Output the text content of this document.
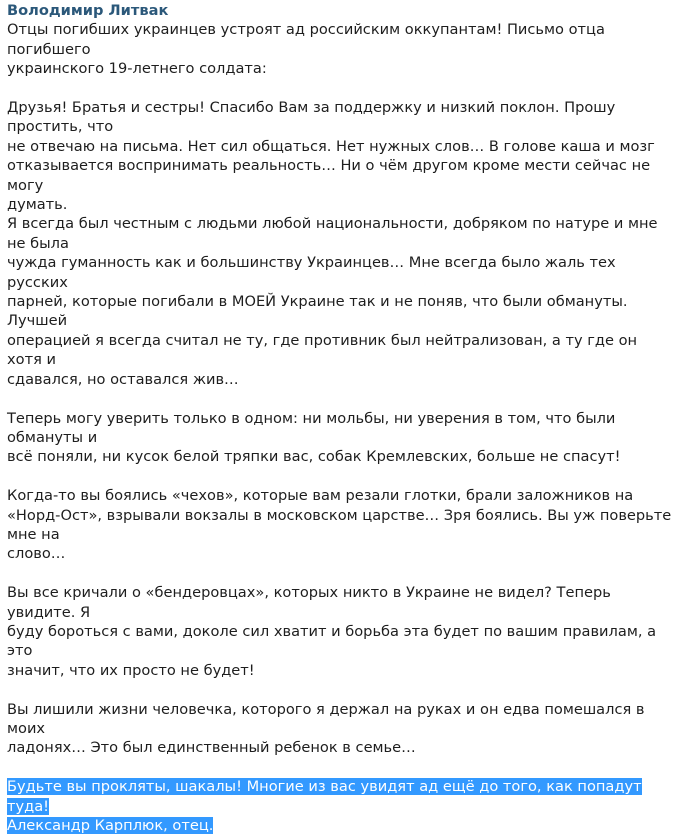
Володимир Литвак
Отцы погибших украинцев устроят ад российским оккупантам! Письмо отца погибшего
украинского 19-летнего солдата:
Друзья! Братья и сестры! Спасибо Вам за поддержку и низкий поклон. Прошу простить, что
не отвечаю на письма. Нет сил общаться. Нет нужных слов… В голове каша и мозг
отказывается воспринимать реальность… Ни о чём другом кроме мести сейчас не могу
думать.
Я всегда был честным с людьми любой национальности, добряком по натуре и мне не была
чужда гуманность как и большинству Украинцев… Мне всегда было жаль тех русских
парней, которые погибали в МОЕЙ Украине так и не поняв, что были обмануты. Лучшей
операцией я всегда считал не ту, где противник был нейтрализован, а ту где он хотя и
сдавался, но оставался жив…
Теперь могу уверить только в одном: ни мольбы, ни уверения в том, что были обмануты и
всё поняли, ни кусок белой тряпки вас, собак Кремлевских, больше не спасут!
Когда-то вы боялись «чехов», которые вам резали глотки, брали заложников на
«Норд-Ост», взрывали вокзалы в московском царстве… Зря боялись. Вы уж поверьте мне на
слово…
Вы все кричали о «бендеровцах», которых никто в Украине не видел? Теперь увидите. Я
буду бороться с вами, доколе сил хватит и борьба эта будет по вашим правилам, а это
значит, что их просто не будет!
Вы лишили жизни человечка, которого я держал на руках и он едва помешался в моих
ладонях… Это был единственный ребенок в семье…
Будьте вы прокляты, шакалы! Многие из вас увидят ад ещё до того, как попадут туда!
Александр Карплюк, отец.
